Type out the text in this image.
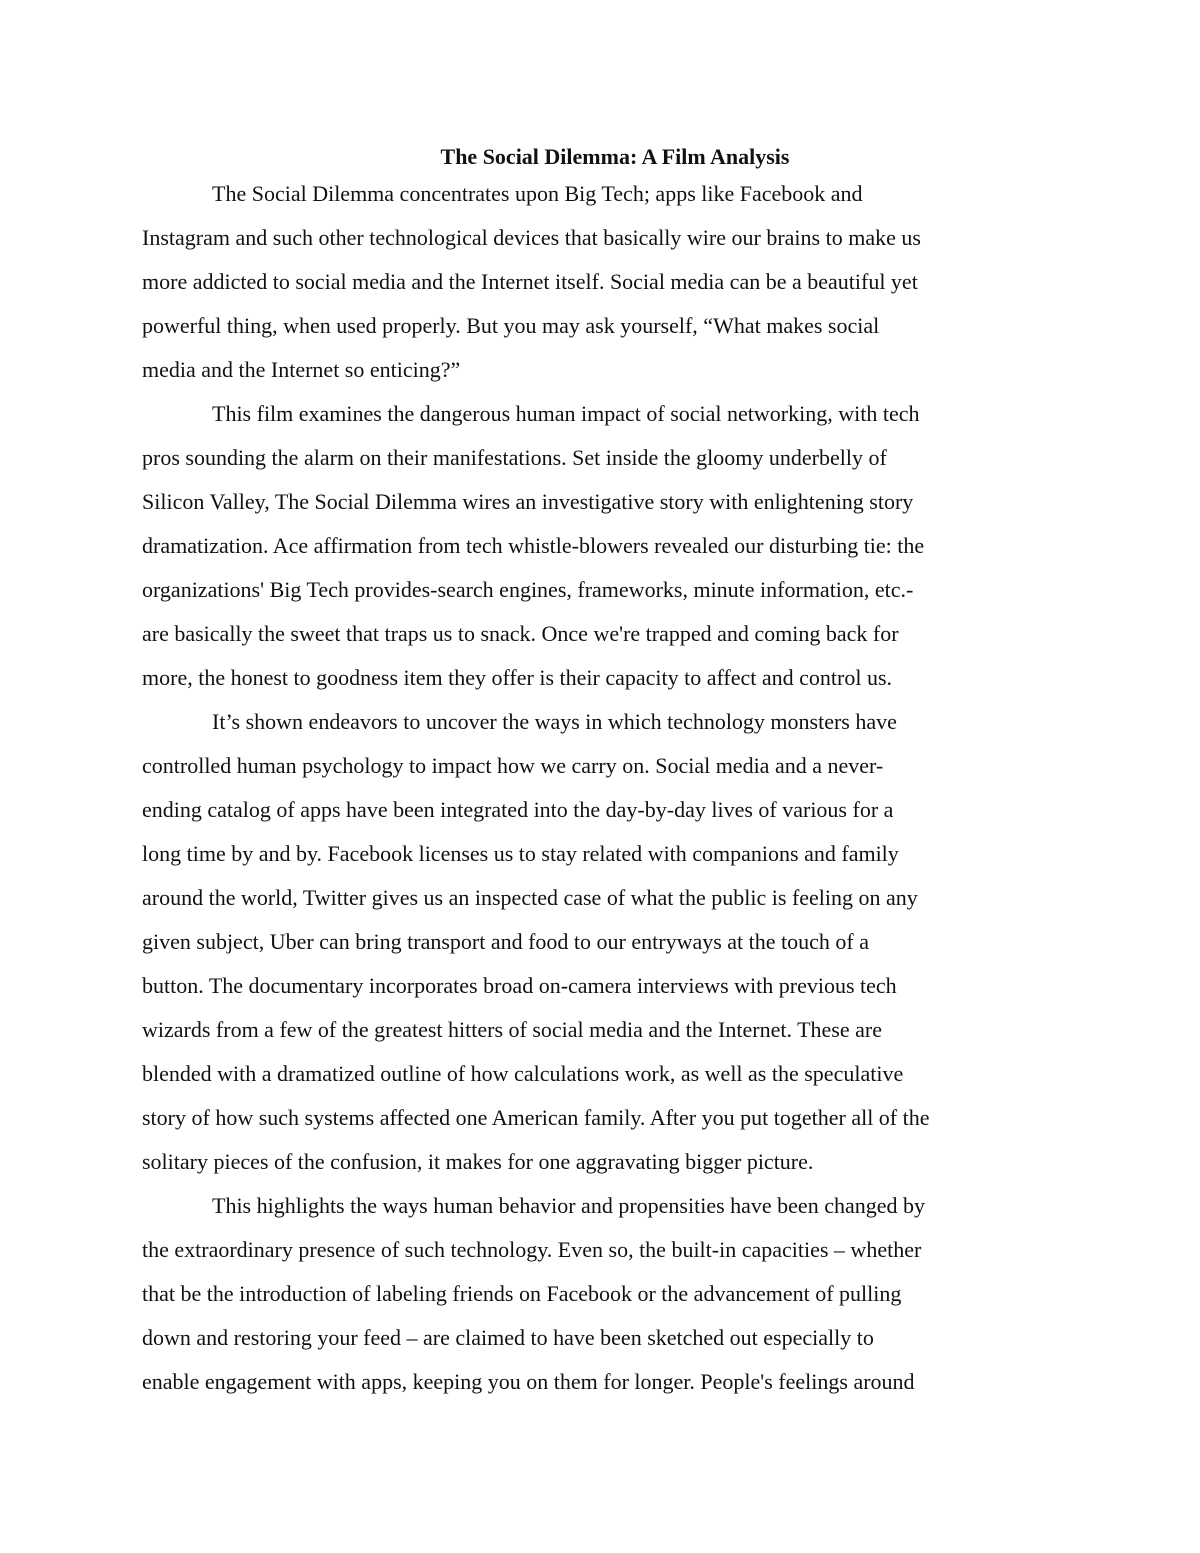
The Social Dilemma: A Film Analysis
The Social Dilemma concentrates upon Big Tech; apps like Facebook and
Instagram and such other technological devices that basically wire our brains to make us
more addicted to social media and the Internet itself. Social media can be a beautiful yet
powerful thing, when used properly. But you may ask yourself, “What makes social
media and the Internet so enticing?”
This film examines the dangerous human impact of social networking, with tech
pros sounding the alarm on their manifestations. Set inside the gloomy underbelly of
Silicon Valley, The Social Dilemma wires an investigative story with enlightening story
dramatization. Ace affirmation from tech whistle-blowers revealed our disturbing tie: the
organizations' Big Tech provides-search engines, frameworks, minute information, etc.-
are basically the sweet that traps us to snack. Once we're trapped and coming back for
more, the honest to goodness item they offer is their capacity to affect and control us.
It’s shown endeavors to uncover the ways in which technology monsters have
controlled human psychology to impact how we carry on. Social media and a never-
ending catalog of apps have been integrated into the day-by-day lives of various for a
long time by and by. Facebook licenses us to stay related with companions and family
around the world, Twitter gives us an inspected case of what the public is feeling on any
given subject, Uber can bring transport and food to our entryways at the touch of a
button. The documentary incorporates broad on-camera interviews with previous tech
wizards from a few of the greatest hitters of social media and the Internet. These are
blended with a dramatized outline of how calculations work, as well as the speculative
story of how such systems affected one American family. After you put together all of the
solitary pieces of the confusion, it makes for one aggravating bigger picture.
This highlights the ways human behavior and propensities have been changed by
the extraordinary presence of such technology. Even so, the built-in capacities – whether
that be the introduction of labeling friends on Facebook or the advancement of pulling
down and restoring your feed – are claimed to have been sketched out especially to
enable engagement with apps, keeping you on them for longer. People's feelings around
